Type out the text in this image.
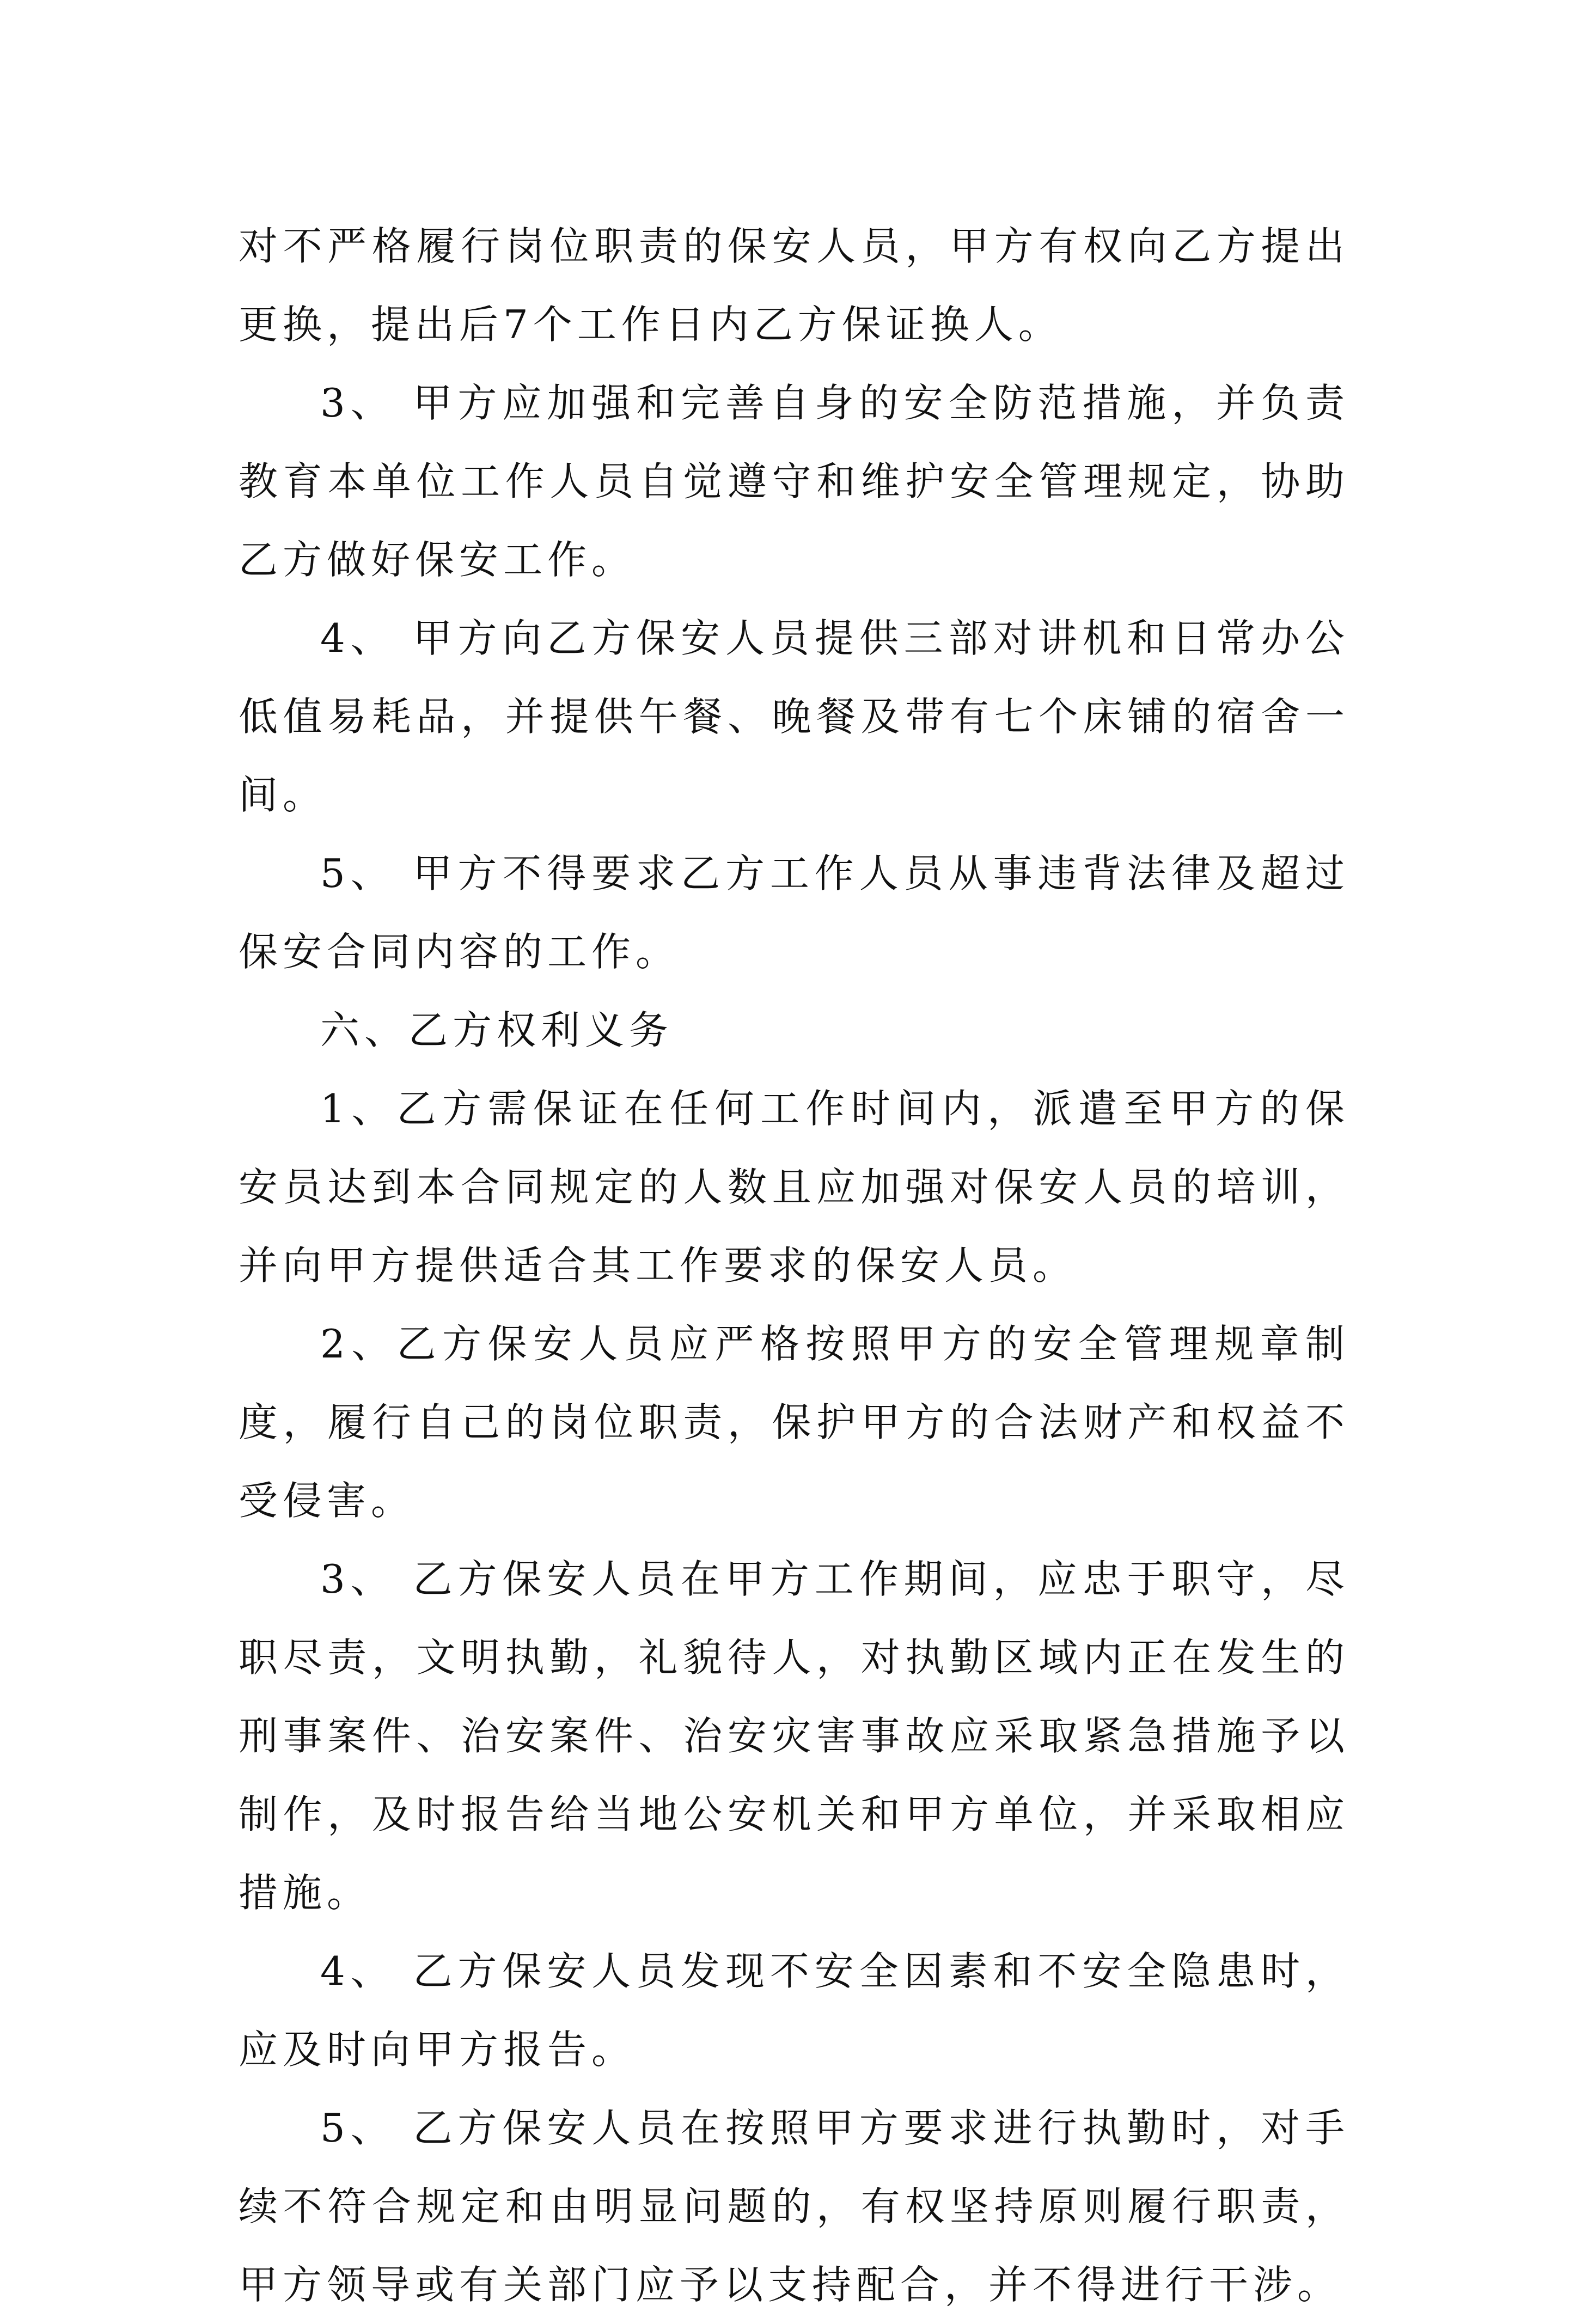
对不严格履行岗位职责的保安人员，甲方有权向乙方提出更换，提出后7个工作日内乙方保证换人。

3、 甲方应加强和完善自身的安全防范措施，并负责教育本单位工作人员自觉遵守和维护安全管理规定，协助乙方做好保安工作。

4、 甲方向乙方保安人员提供三部对讲机和日常办公低值易耗品，并提供午餐、晚餐及带有七个床铺的宿舍一间。

5、 甲方不得要求乙方工作人员从事违背法律及超过保安合同内容的工作。

六、乙方权利义务

1、乙方需保证在任何工作时间内，派遣至甲方的保安员达到本合同规定的人数且应加强对保安人员的培训，并向甲方提供适合其工作要求的保安人员。

2、乙方保安人员应严格按照甲方的安全管理规章制度，履行自己的岗位职责，保护甲方的合法财产和权益不受侵害。

3、 乙方保安人员在甲方工作期间，应忠于职守，尽职尽责，文明执勤，礼貌待人，对执勤区域内正在发生的刑事案件、治安案件、治安灾害事故应采取紧急措施予以制作，及时报告给当地公安机关和甲方单位，并采取相应措施。

4、 乙方保安人员发现不安全因素和不安全隐患时，应及时向甲方报告。

5、 乙方保安人员在按照甲方要求进行执勤时，对手续不符合规定和由明显问题的，有权坚持原则履行职责，甲方领导或有关部门应予以支持配合，并不得进行干涉。
